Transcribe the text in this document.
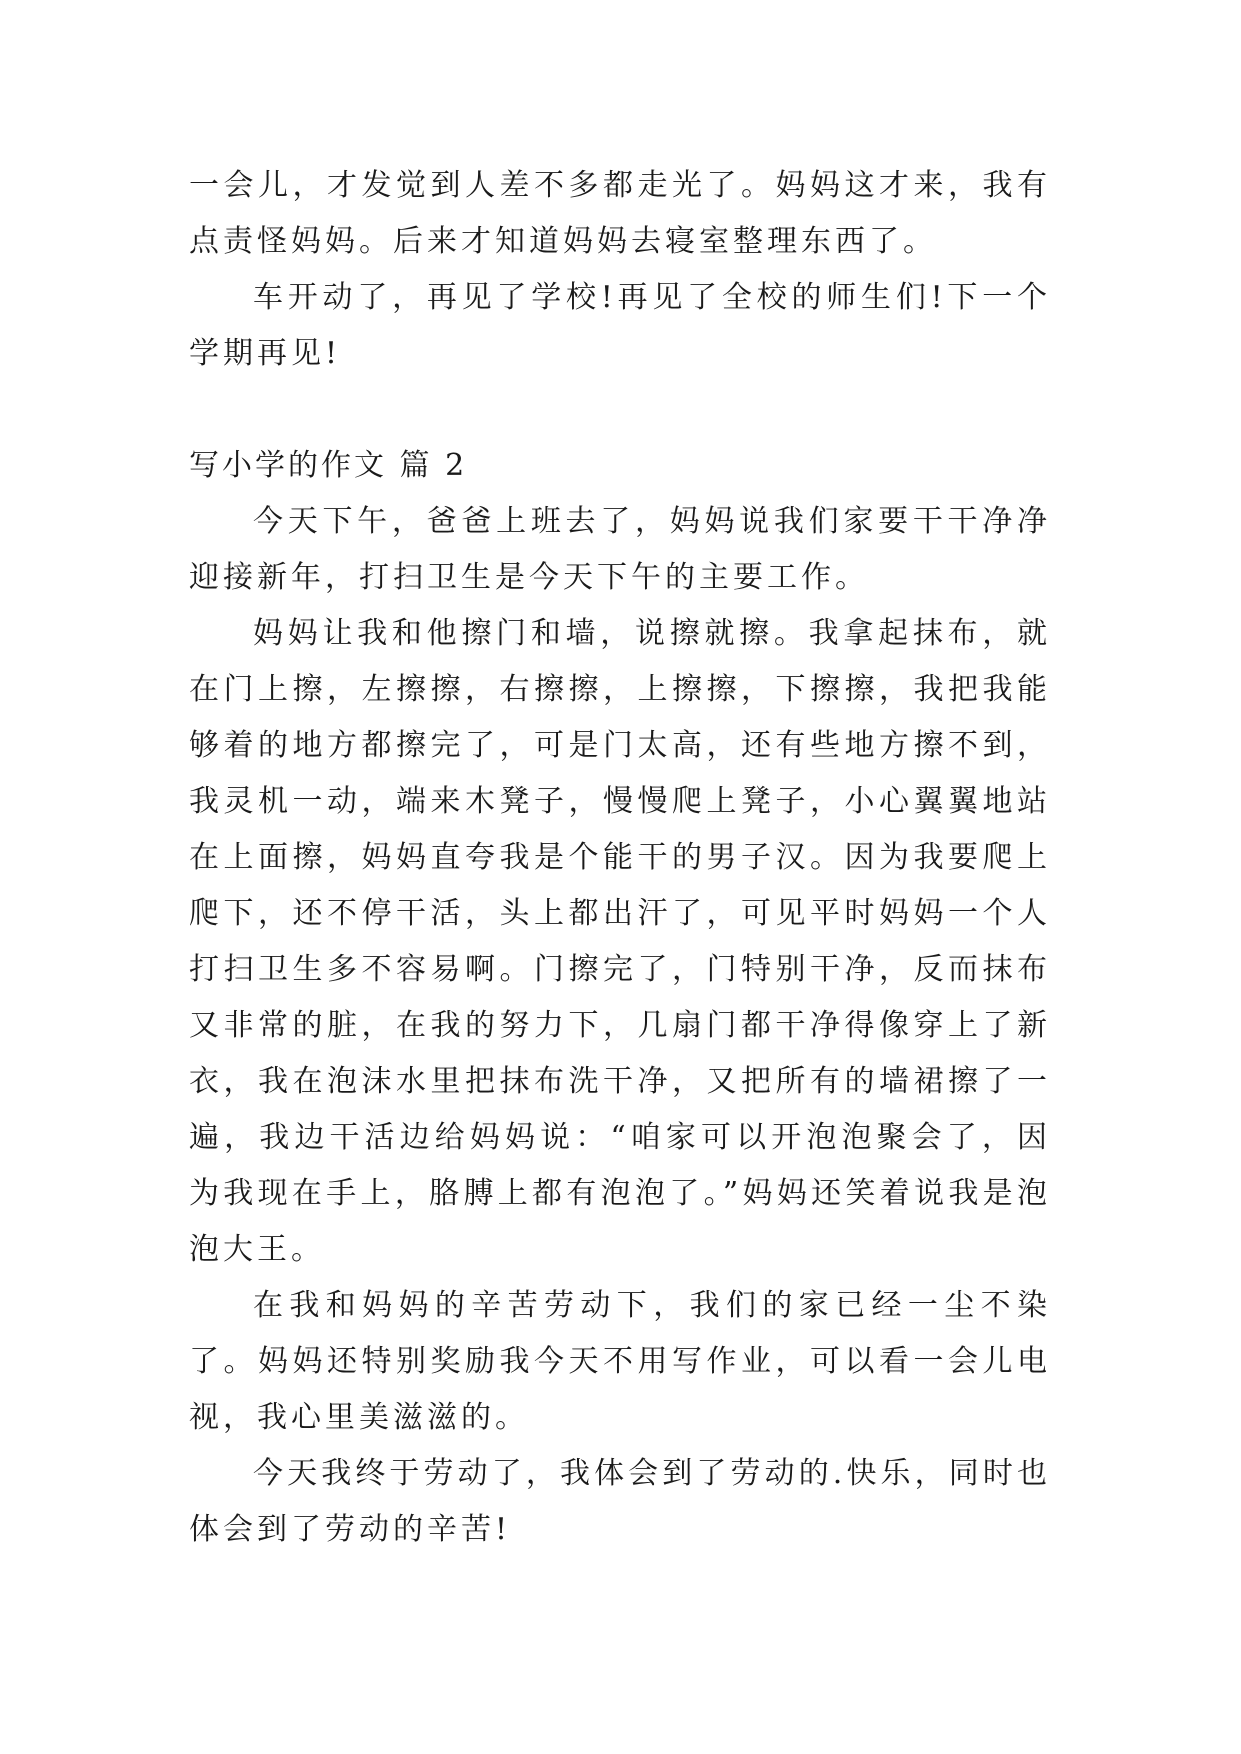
一会儿，才发觉到人差不多都走光了。妈妈这才来，我有点责怪妈妈。后来才知道妈妈去寝室整理东西了。

车开动了，再见了学校!再见了全校的师生们!下一个学期再见!

写小学的作文 篇 2

今天下午，爸爸上班去了，妈妈说我们家要干干净净迎接新年，打扫卫生是今天下午的主要工作。

妈妈让我和他擦门和墙，说擦就擦。我拿起抹布，就在门上擦，左擦擦，右擦擦，上擦擦，下擦擦，我把我能够着的地方都擦完了，可是门太高，还有些地方擦不到，我灵机一动，端来木凳子，慢慢爬上凳子，小心翼翼地站在上面擦，妈妈直夸我是个能干的男子汉。因为我要爬上爬下，还不停干活，头上都出汗了，可见平时妈妈一个人打扫卫生多不容易啊。门擦完了，门特别干净，反而抹布又非常的脏，在我的努力下，几扇门都干净得像穿上了新衣，我在泡沫水里把抹布洗干净，又把所有的墙裙擦了一遍，我边干活边给妈妈说：“咱家可以开泡泡聚会了，因为我现在手上，胳膊上都有泡泡了。”妈妈还笑着说我是泡泡大王。

在我和妈妈的辛苦劳动下，我们的家已经一尘不染了。妈妈还特别奖励我今天不用写作业，可以看一会儿电视，我心里美滋滋的。

今天我终于劳动了，我体会到了劳动的.快乐，同时也体会到了劳动的辛苦!
